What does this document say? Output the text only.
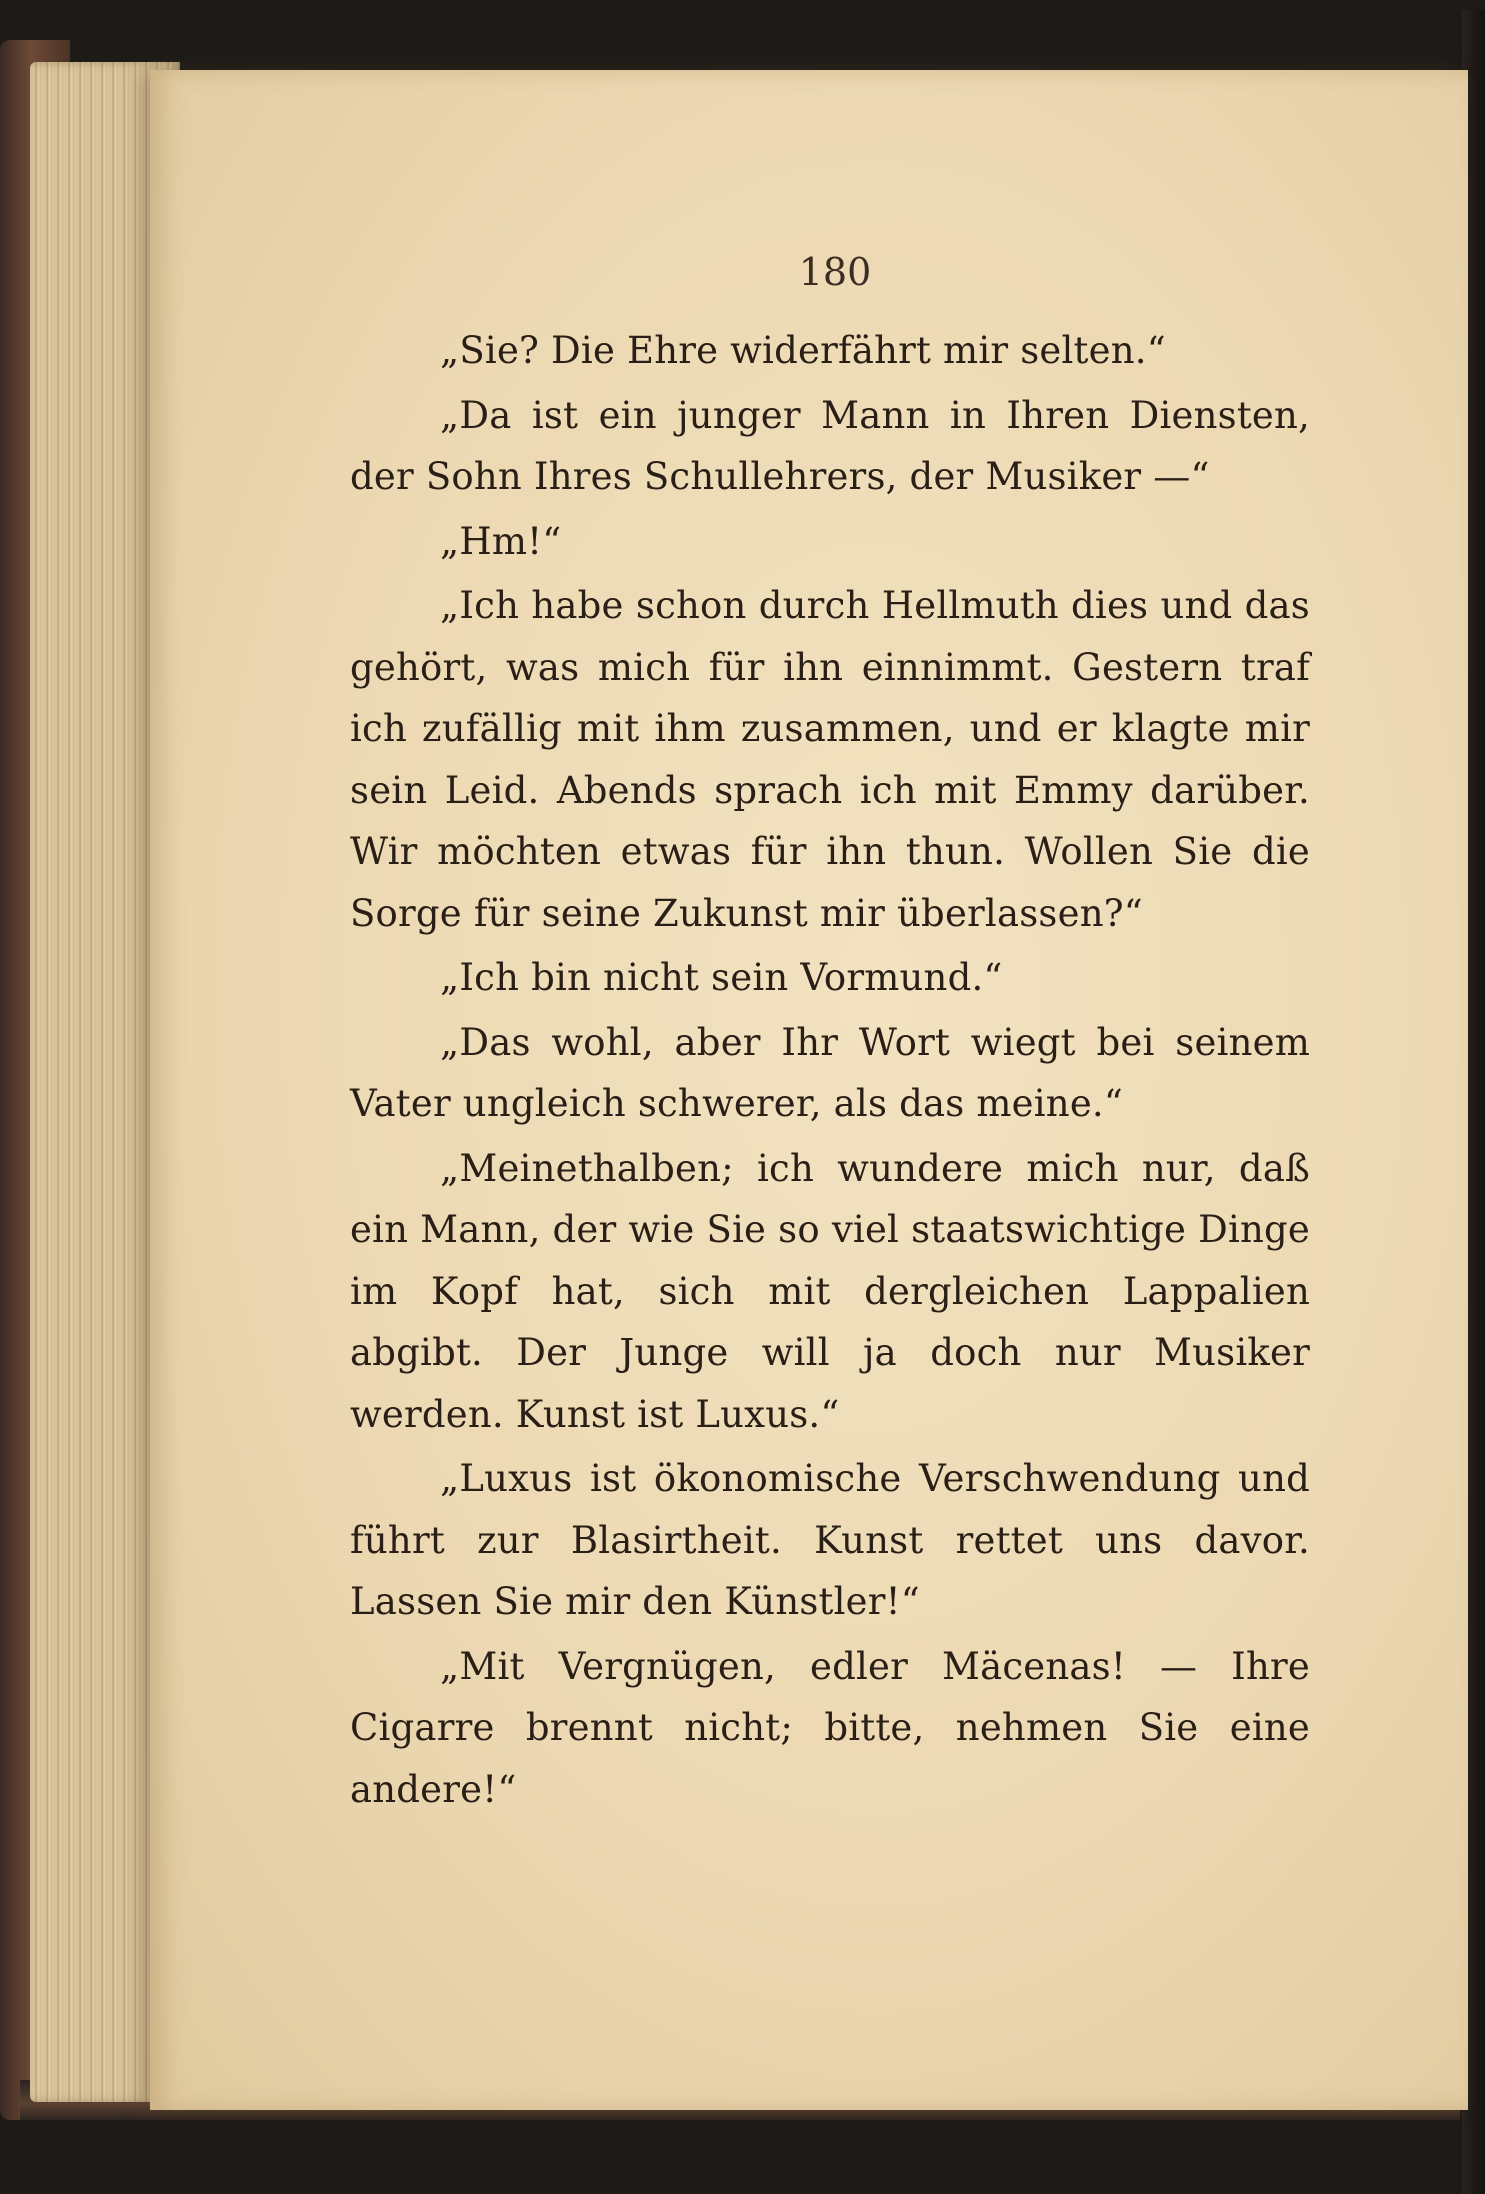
180

„Sie? Die Ehre widerfährt mir selten.“

„Da ist ein junger Mann in Ihren Diensten, der Sohn Ihres Schullehrers, der Musiker —“

„Hm!“

„Ich habe schon durch Hellmuth dies und das gehört, was mich für ihn einnimmt. Gestern traf ich zufällig mit ihm zusammen, und er klagte mir sein Leid. Abends sprach ich mit Emmy darüber. Wir möchten etwas für ihn thun. Wollen Sie die Sorge für seine Zukunst mir überlassen?“

„Ich bin nicht sein Vormund.“

„Das wohl, aber Ihr Wort wiegt bei seinem Vater ungleich schwerer, als das meine.“

„Meinethalben; ich wundere mich nur, daß ein Mann, der wie Sie so viel staatswichtige Dinge im Kopf hat, sich mit dergleichen Lappalien abgibt. Der Junge will ja doch nur Musiker werden. Kunst ist Luxus.“

„Luxus ist ökonomische Verschwendung und führt zur Blasirtheit. Kunst rettet uns davor. Lassen Sie mir den Künstler!“

„Mit Vergnügen, edler Mäcenas! — Ihre Cigarre brennt nicht; bitte, nehmen Sie eine andere!“
